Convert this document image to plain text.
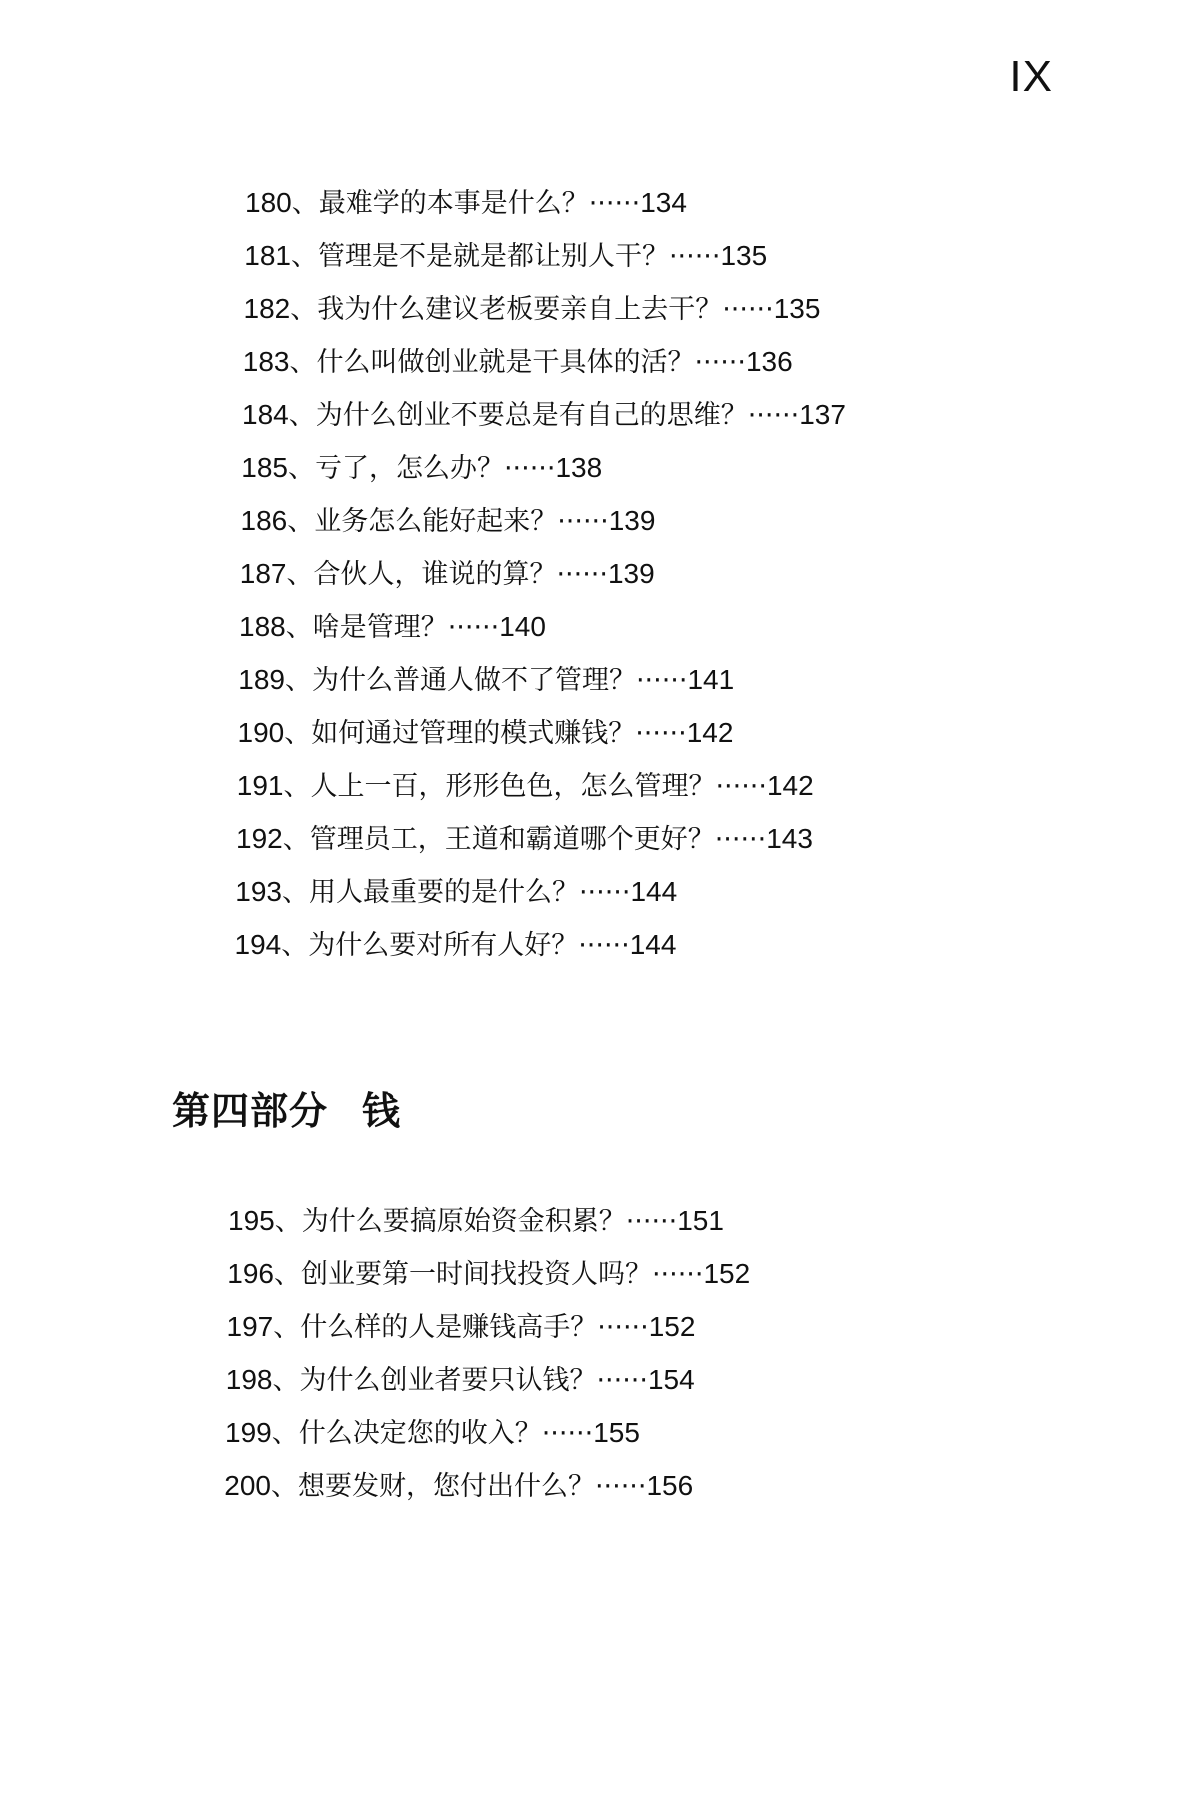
IX
180、最难学的本事是什么？······134
181、管理是不是就是都让别人干？······135
182、我为什么建议老板要亲自上去干？······135
183、什么叫做创业就是干具体的活？······136
184、为什么创业不要总是有自己的思维？······137
185、亏了，怎么办？······138
186、业务怎么能好起来？······139
187、合伙人，谁说的算？······139
188、啥是管理？······140
189、为什么普通人做不了管理？······141
190、如何通过管理的模式赚钱？······142
191、人上一百，形形色色，怎么管理？······142
192、管理员工，王道和霸道哪个更好？······143
193、用人最重要的是什么？······144
194、为什么要对所有人好？······144
第四部分 钱
195、为什么要搞原始资金积累？······151
196、创业要第一时间找投资人吗？······152
197、什么样的人是赚钱高手？······152
198、为什么创业者要只认钱？······154
199、什么决定您的收入？······155
200、想要发财，您付出什么？······156
